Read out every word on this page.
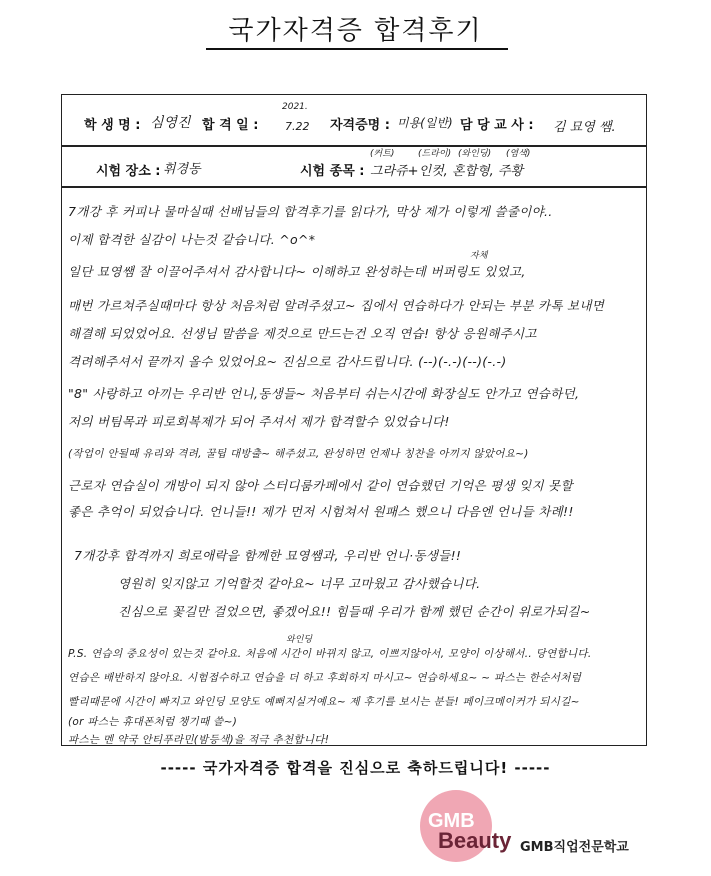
국가자격증 합격후기
학 생 명 : 심영진 합 격 일 :
2021.
7.22 자격증명 : 미용(일반) 담 당 교 사 : 김 묘영 쌤.
시험 장소 : 휘경동	시험 종목 :
(커트)	(드라이) (와인딩) (염색)
그라쥬+인컷, 혼합형, 주황
7개강 후 커피나 물마실때 선배님들의 합격후기를 읽다가, 막상 제가 이렇게 쓸줄이야..
이제 합격한 실감이 나는것 같습니다. ^o^*
자체
일단 묘영쌤 잘 이끌어주셔서 감사합니다~ 이해하고 완성하는데 버퍼링도 있었고,
매번 가르쳐주실때마다 항상 처음처럼 알려주셨고~ 집에서 연습하다가 안되는 부분 카톡 보내면
해결해 되었었어요. 선생님 말씀을 제것으로 만드는건 오직 연습! 항상 응원해주시고
격려해주셔서 끝까지 올수 있었어요~ 진심으로 감사드립니다. (--)(-.-)(--)(-.-)
"8" 사랑하고 아끼는 우리반 언니,동생들~ 처음부터 쉬는시간에 화장실도 안가고 연습하던,
저의 버팀목과 피로회복제가 되어 주셔서 제가 합격할수 있었습니다!
(작업이 안될때 유리와 격려, 꿀팁 대방출~ 해주셨고, 완성하면 언제나 칭찬을 아끼지 않았어요~)
근로자 연습실이 개방이 되지 않아 스터디룸카페에서 같이 연습했던 기억은 평생 잊지 못할
좋은 추억이 되었습니다. 언니들!! 제가 먼저 시험쳐서 원패스 했으니 다음엔 언니들 차례!!
7개강후 합격까지 희로애락을 함께한 묘영쌤과, 우리반 언니·동생들!!
영원히 잊지않고 기억할것 같아요~ 너무 고마웠고 감사했습니다.
진심으로 꽃길만 걸었으면, 좋겠어요!! 힘들때 우리가 함께 했던 순간이 위로가되길~
와인딩
P.S. 연습의 중요성이 있는것 같아요. 처음에 시간이 바뀌지 않고, 이쁘지않아서, 모양이 이상해서.. 당연합니다.
연습은 배반하지 않아요. 시험접수하고 연습을 더 하고 후회하지 마시고~ 연습하세요~ ~ 파스는 한순서처럼
빨리때문에 시간이 빠지고 와인딩 모양도 예뻐지실거예요~ 제 후기를 보시는 분들! 페이크메이커가 되시길~
(or 파스는 휴대폰처럼 챙기때 쓸~)
파스는 멘 약국 안티푸라민(밤등색)을 적극 추천합니다!
----- 국가자격증 합격을 진심으로 축하드립니다! -----
GMB
Beauty GMB직업전문학교
